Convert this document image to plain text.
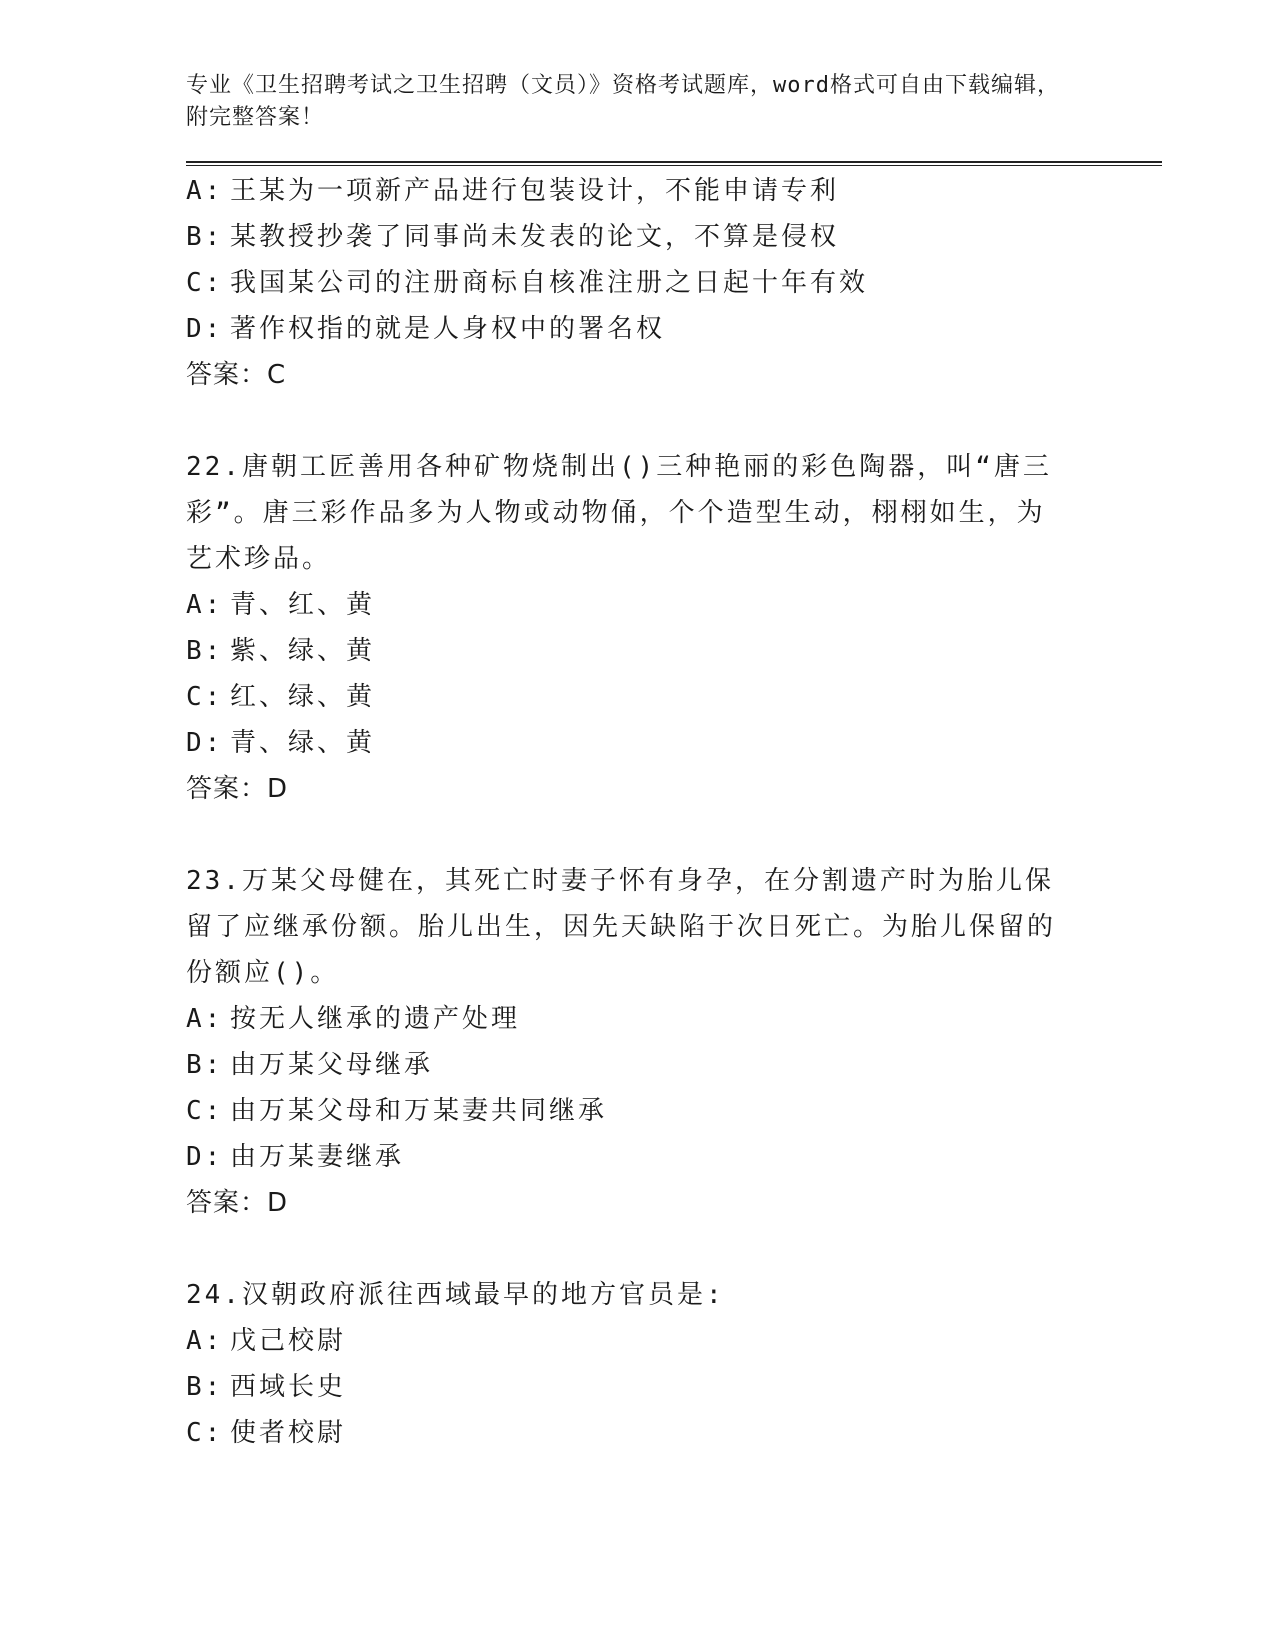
专业《卫生招聘考试之卫生招聘（文员）》资格考试题库，word格式可自由下载编辑，附完整答案！
A: 王某为一项新产品进行包装设计，不能申请专利
B: 某教授抄袭了同事尚未发表的论文，不算是侵权
C: 我国某公司的注册商标自核准注册之日起十年有效
D: 著作权指的就是人身权中的署名权
答案：C
22.唐朝工匠善用各种矿物烧制出()三种艳丽的彩色陶器，叫“唐三彩”。唐三彩作品多为人物或动物俑，个个造型生动，栩栩如生，为艺术珍品。
A: 青、红、黄
B: 紫、绿、黄
C: 红、绿、黄
D: 青、绿、黄
答案：D
23.万某父母健在，其死亡时妻子怀有身孕，在分割遗产时为胎儿保留了应继承份额。胎儿出生，因先天缺陷于次日死亡。为胎儿保留的份额应()。
A: 按无人继承的遗产处理
B: 由万某父母继承
C: 由万某父母和万某妻共同继承
D: 由万某妻继承
答案：D
24.汉朝政府派往西域最早的地方官员是:
A: 戊己校尉
B: 西域长史
C: 使者校尉
